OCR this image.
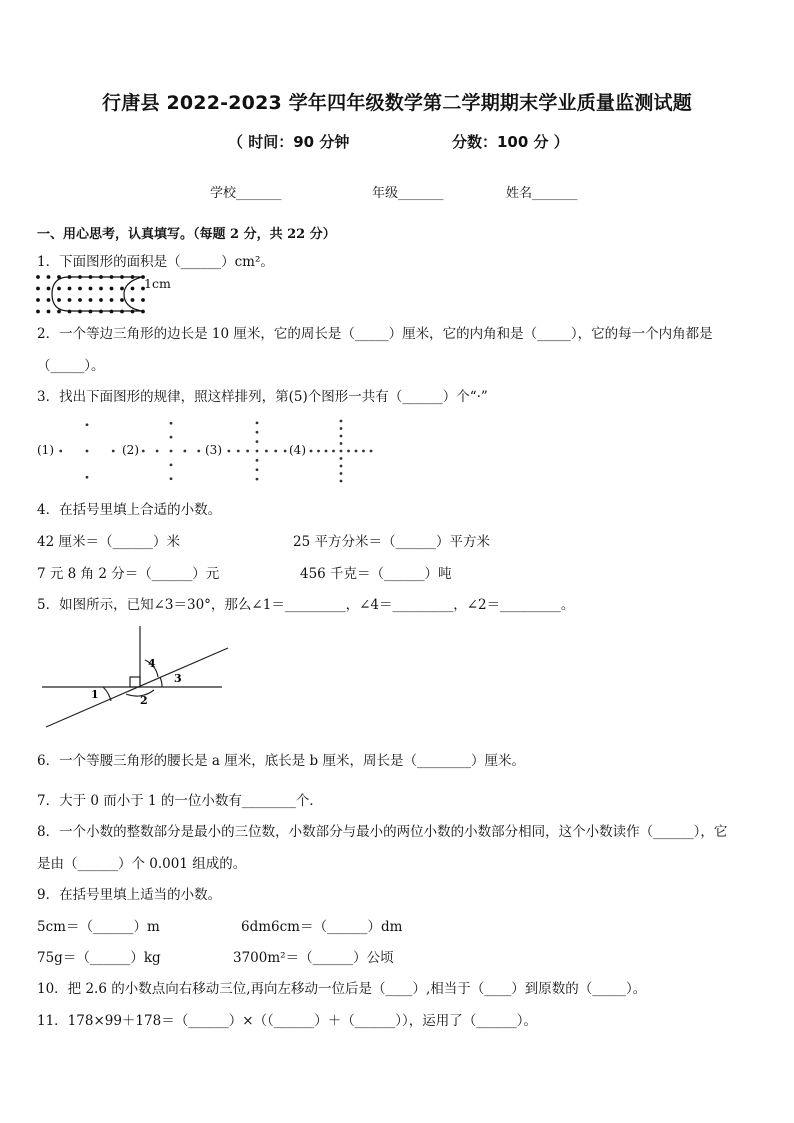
行唐县 2022-2023 学年四年级数学第二学期期末学业质量监测试题
（ 时间：90 分钟	分数：100 分 ）
学校_______	年级_______	姓名_______
一、用心思考，认真填写。（每题 2 分，共 22 分）
1．下面图形的面积是（______）cm²。
1cm
2．一个等边三角形的边长是 10 厘米，它的周长是（_____）厘米，它的内角和是（_____），它的每一个内角都是
（_____）。
3．找出下面图形的规律，照这样排列，第(5)个图形一共有（______）个“·”
(1)	(2)	(3)	(4)
4．在括号里填上合适的小数。
42 厘米＝（______）米	25 平方分米＝（______）平方米
7 元 8 角 2 分＝（______）元	456 千克＝（______）吨
5．如图所示，已知∠3＝30°，那么∠1＝_________，∠4＝_________，∠2＝_________。
4
3
1	2
6．一个等腰三角形的腰长是 a 厘米，底长是 b 厘米，周长是（________）厘米。
7．大于 0 而小于 1 的一位小数有________个．
8．一个小数的整数部分是最小的三位数，小数部分与最小的两位小数的小数部分相同，这个小数读作（______），它
是由（______）个 0.001 组成的。
9．在括号里填上适当的小数。
5cm＝（______）m	6dm6cm＝（______）dm
75g＝（______）kg	3700m²＝（______）公顷
10．把 2.6 的小数点向右移动三位,再向左移动一位后是（____）,相当于（____）到原数的（_____）。
11．178×99＋178＝（______）×（（______）＋（______）），运用了（______）。
